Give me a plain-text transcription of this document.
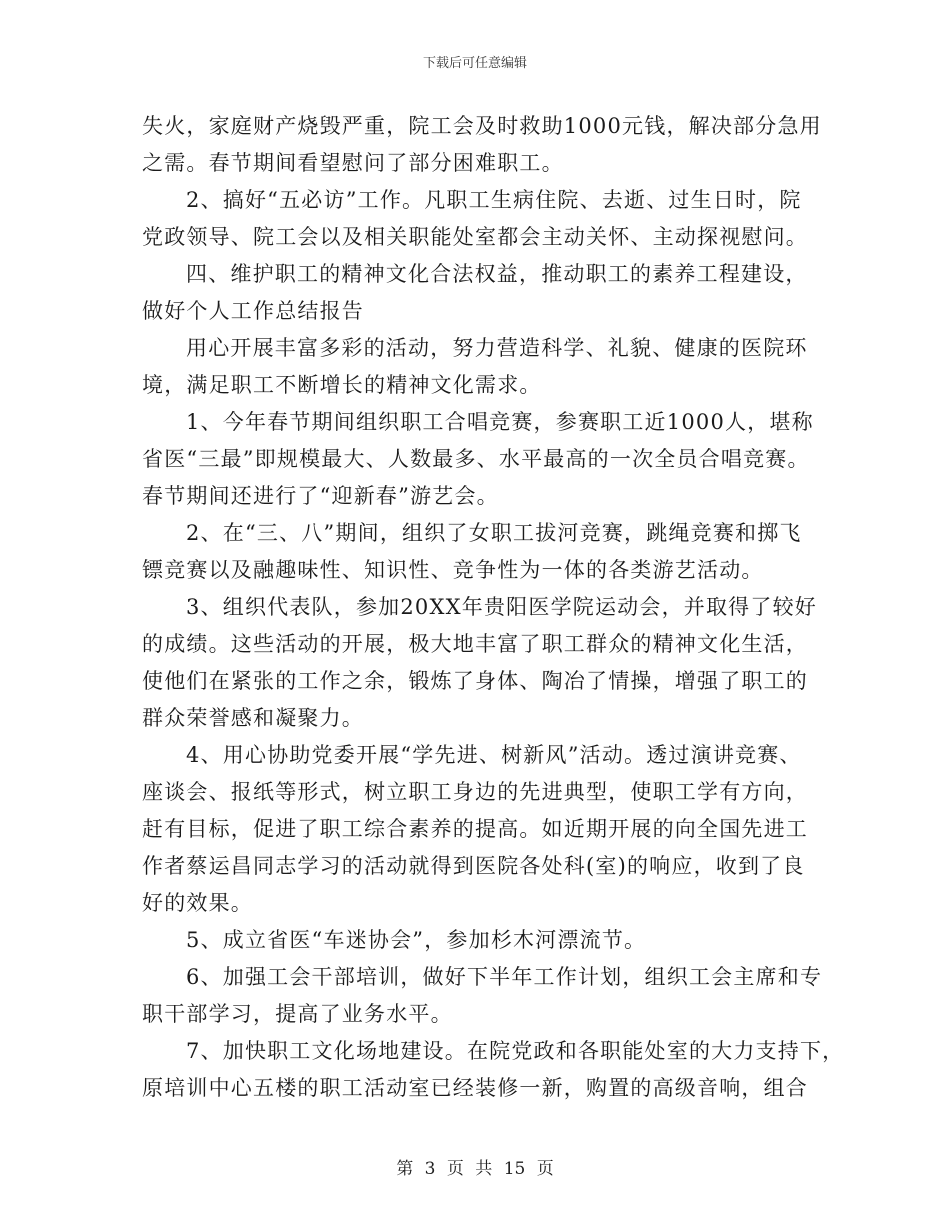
下载后可任意编辑

失火，家庭财产烧毁严重，院工会及时救助1000元钱，解决部分急用
之需。春节期间看望慰问了部分困难职工。

2、搞好“五必访”工作。凡职工生病住院、去逝、过生日时，院
党政领导、院工会以及相关职能处室都会主动关怀、主动探视慰问。

四、维护职工的精神文化合法权益，推动职工的素养工程建设，
做好个人工作总结报告

用心开展丰富多彩的活动，努力营造科学、礼貌、健康的医院环
境，满足职工不断增长的精神文化需求。

1、今年春节期间组织职工合唱竞赛，参赛职工近1000人，堪称
省医“三最”即规模最大、人数最多、水平最高的一次全员合唱竞赛。
春节期间还进行了“迎新春”游艺会。

2、在“三、八”期间，组织了女职工拔河竞赛，跳绳竞赛和掷飞
镖竞赛以及融趣味性、知识性、竞争性为一体的各类游艺活动。

3、组织代表队，参加20XX年贵阳医学院运动会，并取得了较好
的成绩。这些活动的开展，极大地丰富了职工群众的精神文化生活，
使他们在紧张的工作之余，锻炼了身体、陶冶了情操，增强了职工的
群众荣誉感和凝聚力。

4、用心协助党委开展“学先进、树新风”活动。透过演讲竞赛、
座谈会、报纸等形式，树立职工身边的先进典型，使职工学有方向，
赶有目标，促进了职工综合素养的提高。如近期开展的向全国先进工
作者蔡运昌同志学习的活动就得到医院各处科(室)的响应，收到了良
好的效果。

5、成立省医“车迷协会”，参加杉木河漂流节。

6、加强工会干部培训，做好下半年工作计划，组织工会主席和专
职干部学习，提高了业务水平。

7、加快职工文化场地建设。在院党政和各职能处室的大力支持下，
原培训中心五楼的职工活动室已经装修一新，购置的高级音响，组合

第 3 页 共 15 页
